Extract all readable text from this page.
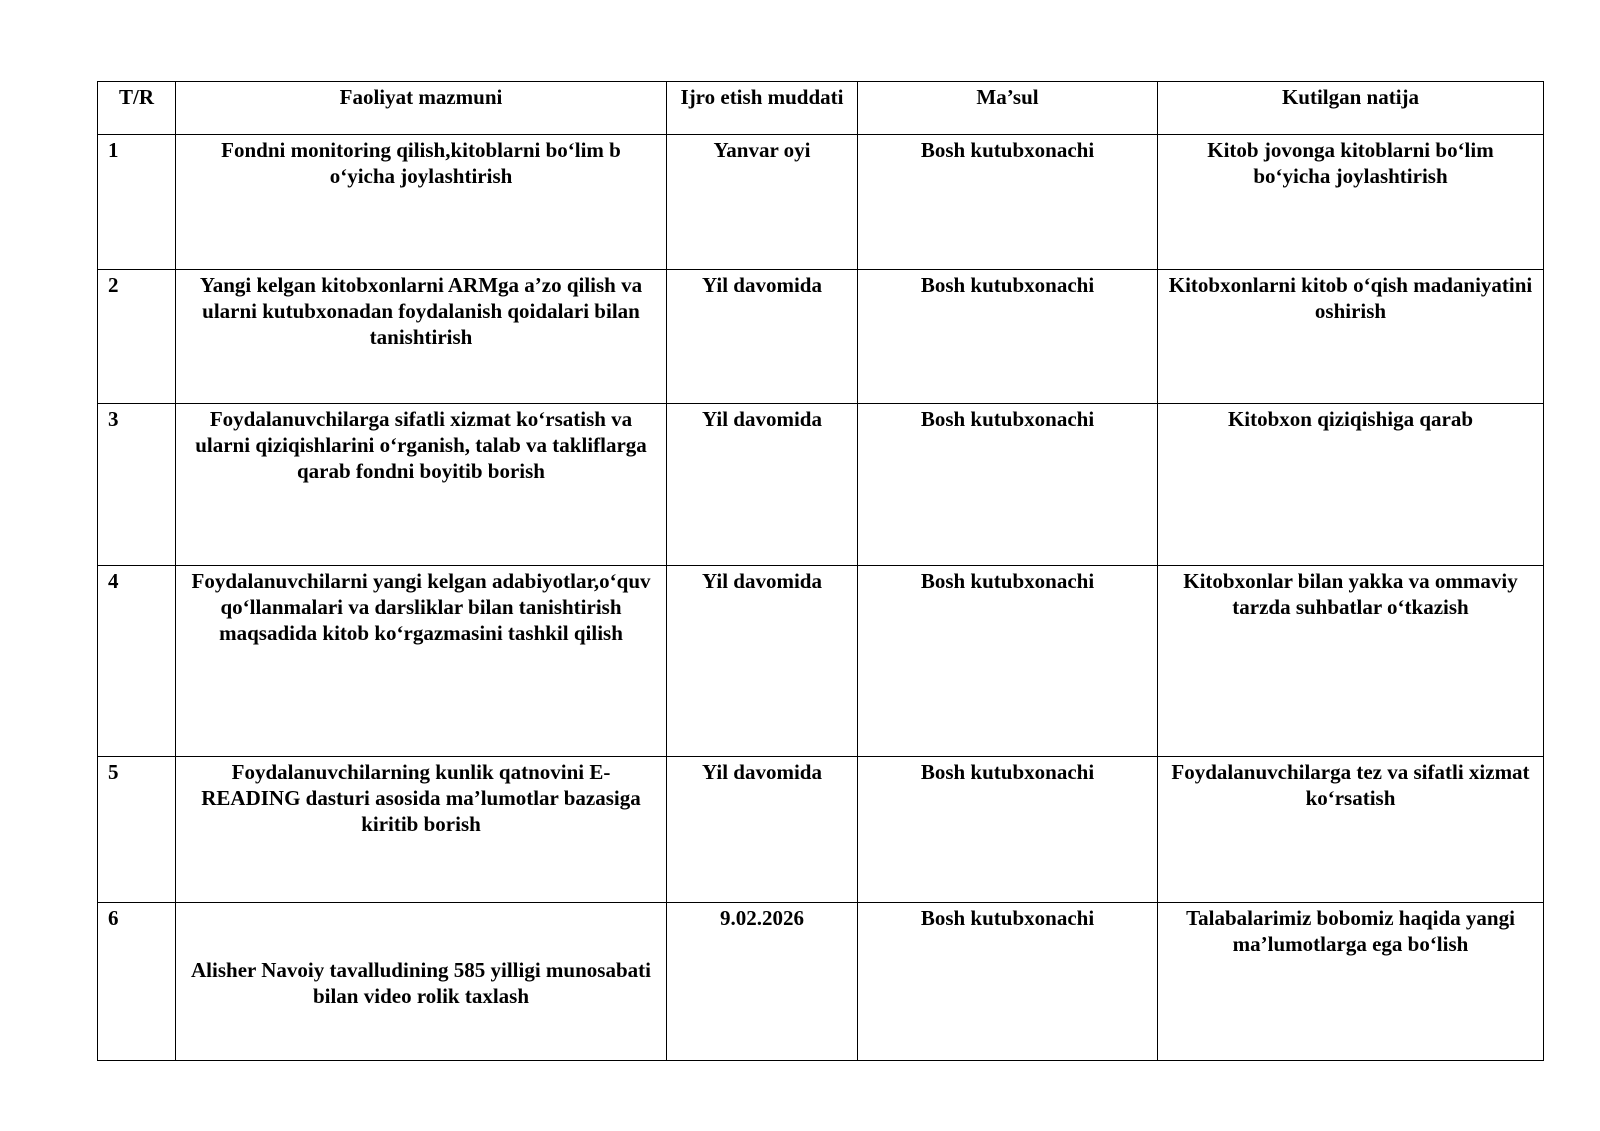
T/R	Faoliyat mazmuni	Ijro etish muddati	Ma’sul	Kutilgan natija
1	Fondni monitoring qilish,kitoblarni bo‘lim b o‘yicha joylashtirish	Yanvar oyi	Bosh kutubxonachi	Kitob jovonga kitoblarni bo‘lim bo‘yicha joylashtirish
2	Yangi kelgan kitobxonlarni ARMga a’zo qilish va ularni kutubxonadan foydalanish qoidalari bilan tanishtirish	Yil davomida	Bosh kutubxonachi	Kitobxonlarni kitob o‘qish madaniyatini oshirish
3	Foydalanuvchilarga sifatli xizmat ko‘rsatish va ularni qiziqishlarini o‘rganish, talab va takliflarga qarab fondni boyitib borish	Yil davomida	Bosh kutubxonachi	Kitobxon qiziqishiga qarab
4	Foydalanuvchilarni yangi kelgan adabiyotlar,o‘quv qo‘llanmalari va darsliklar bilan tanishtirish maqsadida kitob ko‘rgazmasini tashkil qilish	Yil davomida	Bosh kutubxonachi	Kitobxonlar bilan yakka va ommaviy tarzda suhbatlar o‘tkazish
5	Foydalanuvchilarning kunlik qatnovini E-READING dasturi asosida ma’lumotlar bazasiga kiritib borish	Yil davomida	Bosh kutubxonachi	Foydalanuvchilarga tez va sifatli xizmat ko‘rsatish
6	Alisher Navoiy tavalludining 585 yilligi munosabati bilan video rolik taxlash	9.02.2026	Bosh kutubxonachi	Talabalarimiz bobomiz haqida yangi ma’lumotlarga ega bo‘lish
